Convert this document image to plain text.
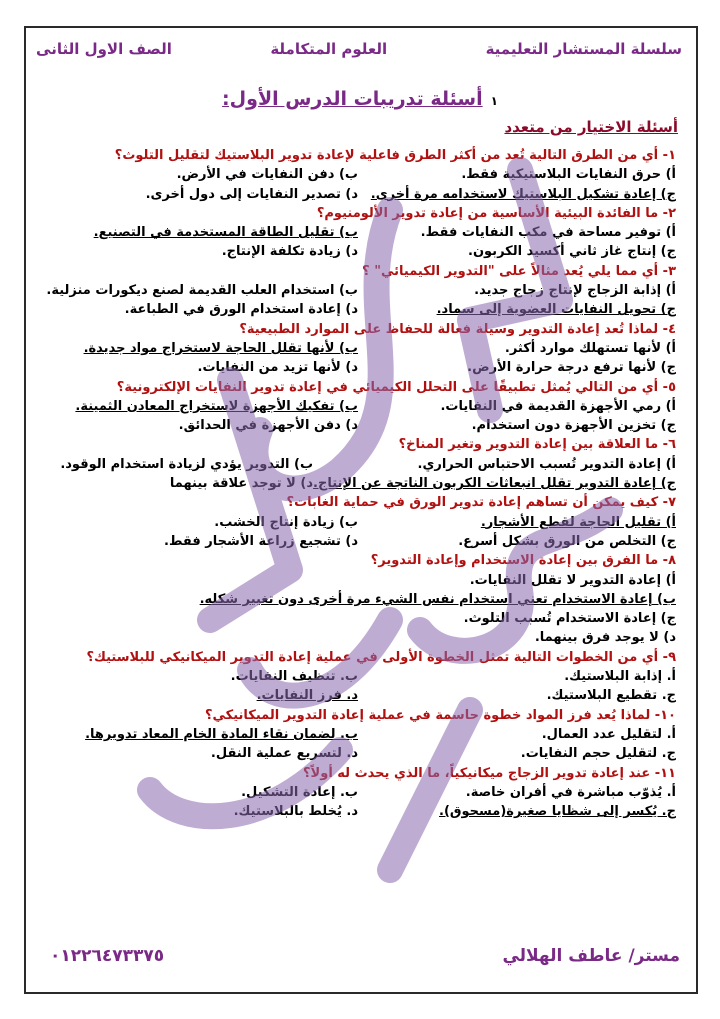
سلسلة المستشار التعليمية
العلوم المتكاملة
الصف الاول الثانى
١أسئلة تدريبات الدرس الأول:
أسئلة الاختيار من متعدد
١- أي من الطرق التالية تُعد من أكثر الطرق فاعلية لإعادة تدوير البلاستيك لتقليل التلوث؟
أ) حرق النفايات البلاستيكية فقط.
ب) دفن النفايات في الأرض.
ج) إعادة تشكيل البلاستيك لاستخدامه مرة أخرى.
د) تصدير النفايات إلى دول أخرى.
٢- ما الفائدة البيئية الأساسية من إعادة تدوير الألومنيوم؟
أ) توفير مساحة في مكب النفايات فقط.
ب) تقليل الطاقة المستخدمة في التصنيع.
ج) إنتاج غاز ثاني أكسيد الكربون.
د) زيادة تكلفة الإنتاج.
٣- أي مما يلي يُعد مثالاً على "التدوير الكيميائي" ؟
أ) إذابة الزجاج لإنتاج زجاج جديد.
ب) استخدام العلب القديمة لصنع ديكورات منزلية.
ج) تحويل النفايات العضوية إلى سماد.
د) إعادة استخدام الورق في الطباعة.
٤- لماذا تُعد إعادة التدوير وسيلة فعالة للحفاظ على الموارد الطبيعية؟
أ) لأنها تستهلك موارد أكثر.
ب) لأنها تقلل الحاجة لاستخراج مواد جديدة.
ج) لأنها ترفع درجة حرارة الأرض.
د) لأنها تزيد من النفايات.
٥- أي من التالي يُمثل تطبيقًا على التحلل الكيميائي في إعادة تدوير النفايات الإلكترونية؟
أ) رمي الأجهزة القديمة في النفايات.
ب) تفكيك الأجهزة لاستخراج المعادن الثمينة.
ج) تخزين الأجهزة دون استخدام.
د) دفن الأجهزة في الحدائق.
٦- ما العلاقة بين إعادة التدوير وتغير المناخ؟
أ) إعادة التدوير تُسبب الاحتباس الحراري.
ب) التدوير يؤدي لزيادة استخدام الوقود.
ج) إعادة التدوير تقلل انبعاثات الكربون الناتجة عن الإنتاج.
د) لا توجد علاقة بينهما
٧- كيف يمكن أن تساهم إعادة تدوير الورق في حماية الغابات؟
أ) تقليل الحاجة لقطع الأشجار.
ب) زيادة إنتاج الخشب.
ج) التخلص من الورق بشكل أسرع.
د) تشجيع زراعة الأشجار فقط.
٨- ما الفرق بين إعادة الاستخدام وإعادة التدوير؟
أ) إعادة التدوير لا تقلل النفايات.
ب) إعادة الاستخدام تعني استخدام نفس الشيء مرة أخرى دون تغيير شكله.
ج) إعادة الاستخدام تُسبب التلوث.
د) لا يوجد فرق بينهما.
٩- أي من الخطوات التالية تمثل الخطوة الأولى في عملية إعادة التدوير الميكانيكي للبلاستيك؟
أ. إذابة البلاستيك.
ب. تنظيف النفايات.
ج. تقطيع البلاستيك.
د. فرز النفايات.
١٠- لماذا يُعد فرز المواد خطوة حاسمة في عملية إعادة التدوير الميكانيكي؟
أ. لتقليل عدد العمال.
ب. لضمان نقاء المادة الخام المعاد تدويرها.
ج. لتقليل حجم النفايات.
د. لتسريع عملية النقل.
١١- عند إعادة تدوير الزجاج ميكانيكياً، ما الذي يحدث له أولاً؟
أ. يُذوّب مباشرة في أفران خاصة.
ب. إعادة التشكيل.
ج. يُكسر إلى شظايا صغيرة(مسحوق).
د. يُخلط بالبلاستيك.
مستر/ عاطف الهلالي
٠١٢٢٦٤٧٣٣٧٥
